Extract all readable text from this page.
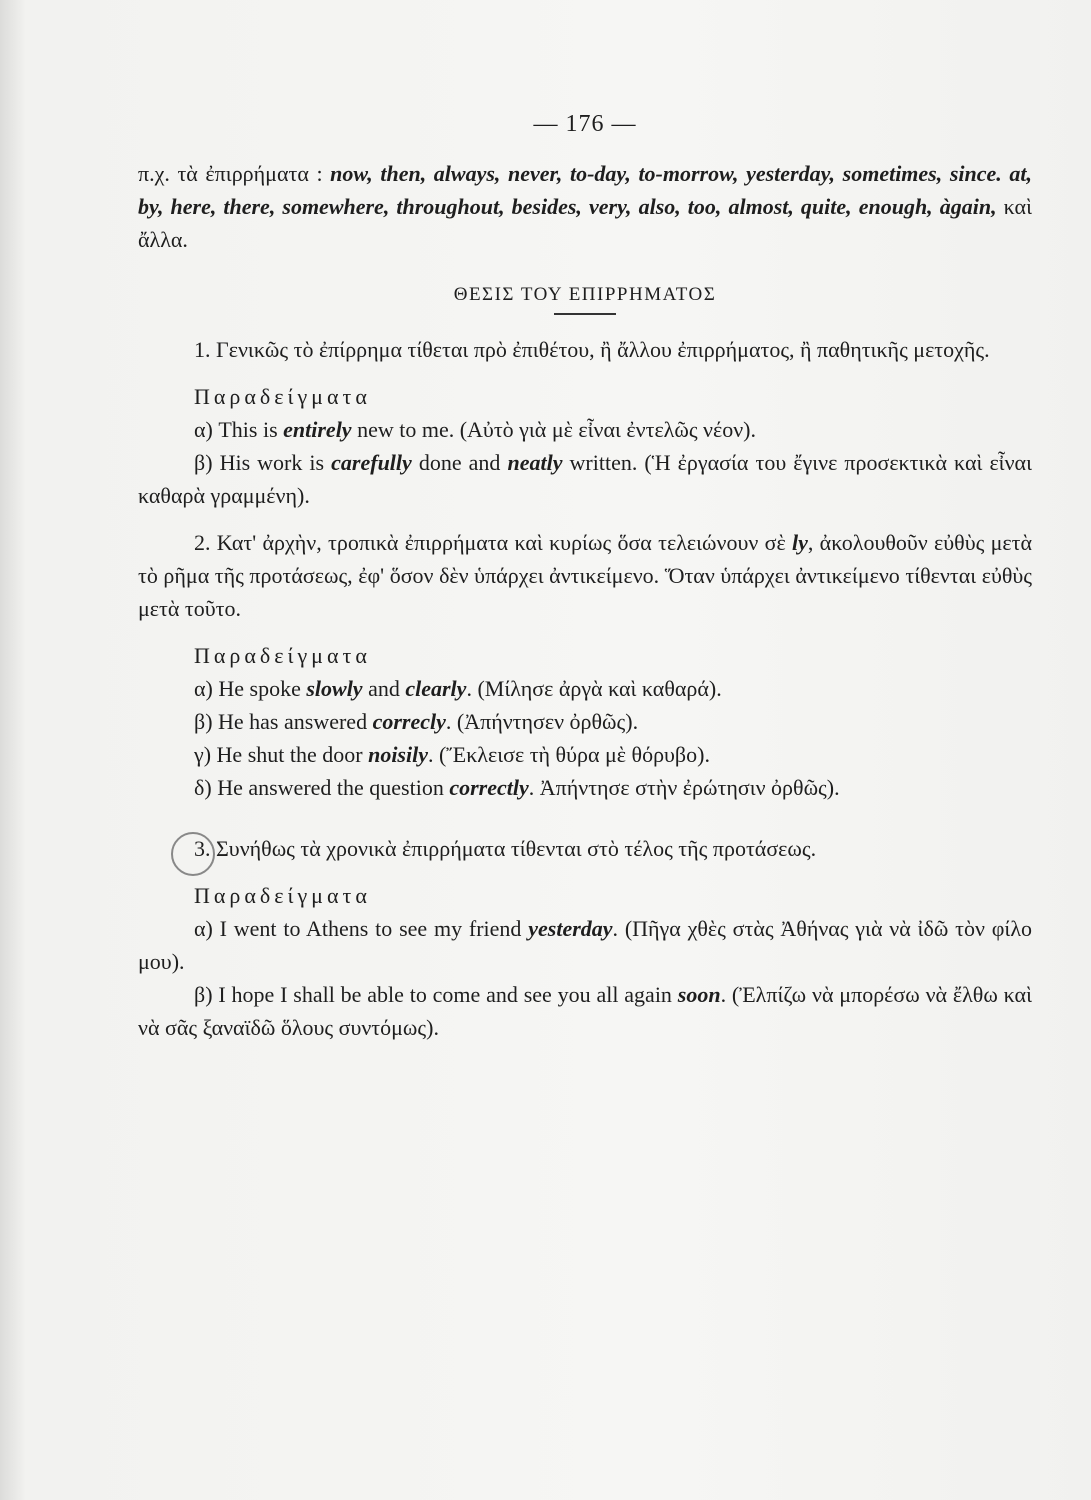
— 176 —

π.χ. τὰ ἐπιρρήματα : now, then, always, never, to-day, to-morrow, yesterday, sometimes, since. at, by, here, there, somewhere, throughout, besides, very, also, too, almost, quite, enough, àgain, καὶ ἄλλα.

ΘΕΣΙΣ ΤΟΥ ΕΠΙΡΡΗΜΑΤΟΣ

1. Γενικῶς τὸ ἐπίρρημα τίθεται πρὸ ἐπιθέτου, ἢ ἄλλου ἐπιρρήματος, ἢ παθητικῆς μετοχῆς.

Παραδείγματα

α) This is entirely new to me. (Αὐτὸ γιὰ μὲ εἶναι ἐντελῶς νέον).

β) His work is carefully done and neatly written. (Ἡ ἐργασία του ἔγινε προσεκτικὰ καὶ εἶναι καθαρὰ γραμμένη).

2. Κατ' ἀρχὴν, τροπικὰ ἐπιρρήματα καὶ κυρίως ὅσα τελειώνουν σὲ ly, ἀκολουθοῦν εὐθὺς μετὰ τὸ ρῆμα τῆς προτάσεως, ἐφ' ὅσον δὲν ὑπάρχει ἀντικείμενο. Ὅταν ὑπάρχει ἀντικείμενο τίθενται εὐθὺς μετὰ τοῦτο.

Παραδείγματα

α) He spoke slowly and clearly. (Μίλησε ἀργὰ καὶ καθαρά).

β) He has answered correcly. (Ἀπήντησεν ὀρθῶς).

γ) He shut the door noisily. (Ἔκλεισε τὴ θύρα μὲ θόρυβο).

δ) He answered the question correctly. Ἀπήντησε στὴν ἐρώτησιν ὀρθῶς).

3. Συνήθως τὰ χρονικὰ ἐπιρρήματα τίθενται στὸ τέλος τῆς προτάσεως.

Παραδείγματα

α) I went to Athens to see my friend yesterday. (Πῆγα χθὲς στὰς Ἀθήνας γιὰ νὰ ἰδῶ τὸν φίλο μου).

β) I hope I shall be able to come and see you all again soon. (Ἐλπίζω νὰ μπορέσω νὰ ἔλθω καὶ νὰ σᾶς ξαναϊδῶ ὅλους συντόμως).
